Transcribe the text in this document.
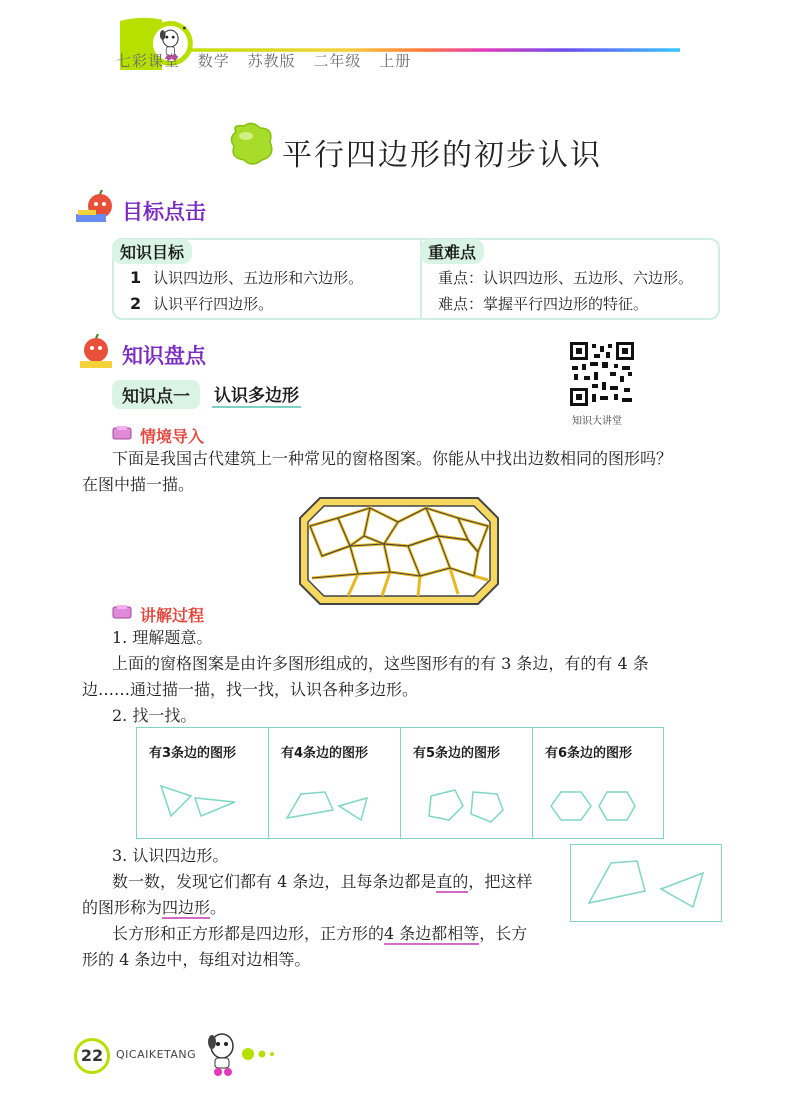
七彩课堂 数学 苏教版 二年级 上册
平行四边形的初步认识
目标点击
知识目标	重难点
1 认识四边形、五边形和六边形。
2 认识平行四边形。
重点：认识四边形、五边形、六边形。
难点：掌握平行四边形的特征。
知识盘点
知识大讲堂
知识点一	认识多边形
情境导入
下面是我国古代建筑上一种常见的窗格图案。你能从中找出边数相同的图形吗？
在图中描一描。
讲解过程
1. 理解题意。
上面的窗格图案是由许多图形组成的，这些图形有的有 3 条边，有的有 4 条
边……通过描一描，找一找，认识各种多边形。
2. 找一找。
有3条边的图形	有4条边的图形	有5条边的图形	有6条边的图形
3. 认识四边形。
数一数，发现它们都有 4 条边，且每条边都是直的，把这样
的图形称为四边形。
长方形和正方形都是四边形，正方形的4 条边都相等，长方
形的 4 条边中，每组对边相等。
22	QICAIKETANG
